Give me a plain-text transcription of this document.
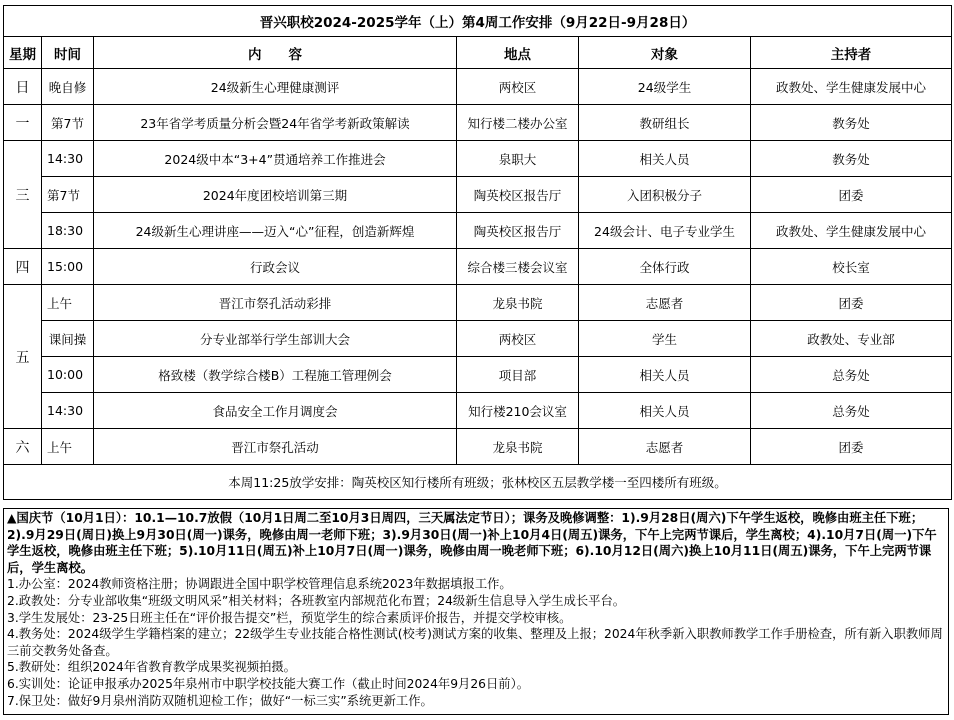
晋兴职校2024-2025学年（上）第4周工作安排（9月22日-9月28日）					
星期	时间	内　　容	地点	对象	主持者
日	晚自修	24级新生心理健康测评	两校区	24级学生	政教处、学生健康发展中心
一	第7节	23年省学考质量分析会暨24年省学考新政策解读	知行楼二楼办公室	教研组长	教务处
三	14:30	2024级中本“3+4”贯通培养工作推进会	泉职大	相关人员	教务处
	第7节	2024年度团校培训第三期	陶英校区报告厅	入团积极分子	团委
	18:30	24级新生心理讲座——迈入“心”征程，创造新辉煌	陶英校区报告厅	24级会计、电子专业学生	政教处、学生健康发展中心
四	15:00	行政会议	综合楼三楼会议室	全体行政	校长室
五	上午	晋江市祭孔活动彩排	龙泉书院	志愿者	团委
	课间操	分专业部举行学生部训大会	两校区	学生	政教处、专业部
	10:00	格致楼（教学综合楼B）工程施工管理例会	项目部	相关人员	总务处
	14:30	食品安全工作月调度会	知行楼210会议室	相关人员	总务处
六	上午	晋江市祭孔活动	龙泉书院	志愿者	团委
本周11:25放学安排：陶英校区知行楼所有班级；张林校区五层教学楼一至四楼所有班级。					

▲国庆节（10月1日）：10.1—10.7放假（10月1日周二至10月3日周四，三天属法定节日）；课务及晚修调整：1).9月28日(周六)下午学生返校，晚修由班主任下班；2).9月29日(周日)换上9月30日(周一)课务，晚修由周一老师下班；3).9月30日(周一)补上10月4日(周五)课务，下午上完两节课后，学生离校；4).10月7日(周一)下午学生返校，晚修由班主任下班；5).10月11日(周五)补上10月7日(周一)课务，晚修由周一晚老师下班；6).10月12日(周六)换上10月11日(周五)课务，下午上完两节课后，学生离校。

1.办公室：2024教师资格注册；协调跟进全国中职学校管理信息系统2023年数据填报工作。

2.政教处：分专业部收集“班级文明风采”相关材料；各班教室内部规范化布置；24级新生信息导入学生成长平台。

3.学生发展处：23-25日班主任在“评价报告提交”栏，预览学生的综合素质评价报告，并提交学校审核。

4.教务处：2024级学生学籍档案的建立；22级学生专业技能合格性测试(校考)测试方案的收集、整理及上报；2024年秋季新入职教师教学工作手册检查，所有新入职教师周三前交教务处备查。

5.教研处：组织2024年省教育教学成果奖视频拍摄。

6.实训处：论证申报承办2025年泉州市中职学校技能大赛工作（截止时间2024年9月26日前）。

7.保卫处：做好9月泉州消防双随机迎检工作；做好“一标三实”系统更新工作。
